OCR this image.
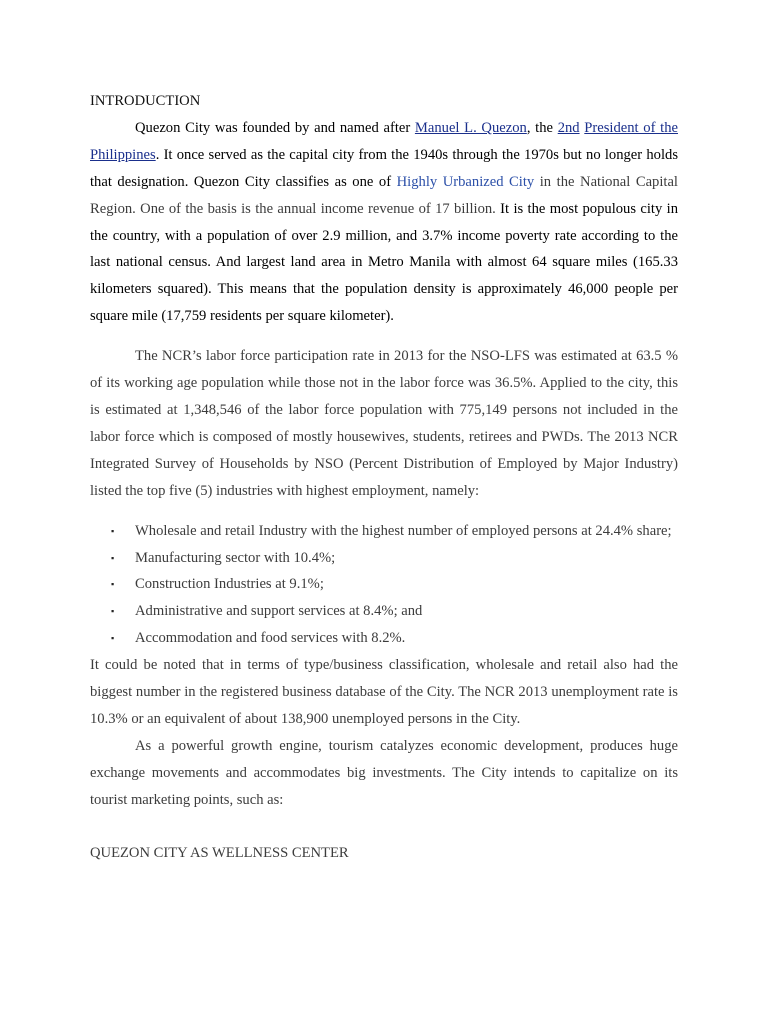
INTRODUCTION

Quezon City was founded by and named after Manuel L. Quezon, the 2nd President of the Philippines. It once served as the capital city from the 1940s through the 1970s but no longer holds that designation. Quezon City classifies as one of Highly Urbanized City in the National Capital Region. One of the basis is the annual income revenue of 17 billion. It is the most populous city in the country, with a population of over 2.9 million, and 3.7% income poverty rate according to the last national census. And largest land area in Metro Manila with almost 64 square miles (165.33 kilometers squared). This means that the population density is approximately 46,000 people per square mile (17,759 residents per square kilometer).

The NCR’s labor force participation rate in 2013 for the NSO-LFS was estimated at 63.5 % of its working age population while those not in the labor force was 36.5%. Applied to the city, this is estimated at 1,348,546 of the labor force population with 775,149 persons not included in the labor force which is composed of mostly housewives, students, retirees and PWDs. The 2013 NCR Integrated Survey of Households by NSO (Percent Distribution of Employed by Major Industry) listed the top five (5) industries with highest employment, namely:

▪ Wholesale and retail Industry with the highest number of employed persons at 24.4% share;
▪ Manufacturing sector with 10.4%;
▪ Construction Industries at 9.1%;
▪ Administrative and support services at 8.4%; and
▪ Accommodation and food services with 8.2%.

It could be noted that in terms of type/business classification, wholesale and retail also had the biggest number in the registered business database of the City. The NCR 2013 unemployment rate is 10.3% or an equivalent of about 138,900 unemployed persons in the City.

As a powerful growth engine, tourism catalyzes economic development, produces huge exchange movements and accommodates big investments. The City intends to capitalize on its tourist marketing points, such as:

QUEZON CITY AS WELLNESS CENTER
